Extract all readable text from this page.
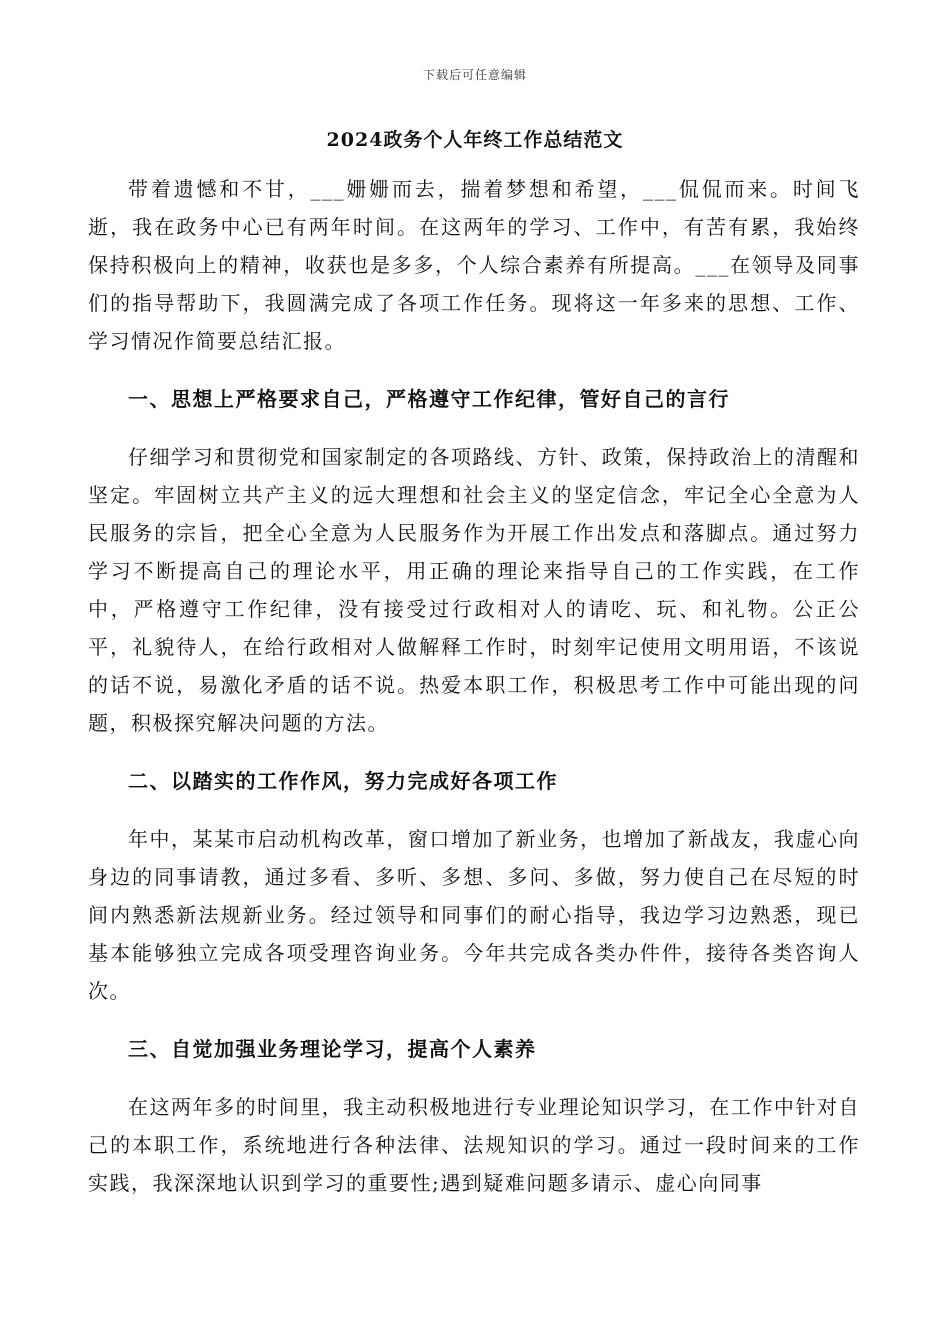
下载后可任意编辑
2024政务个人年终工作总结范文

带着遗憾和不甘，___姗姗而去，揣着梦想和希望，___侃侃而来。时间飞逝，我在政务中心已有两年时间。在这两年的学习、工作中，有苦有累，我始终保持积极向上的精神，收获也是多多，个人综合素养有所提高。___在领导及同事们的指导帮助下，我圆满完成了各项工作任务。现将这一年多来的思想、工作、学习情况作简要总结汇报。

一、思想上严格要求自己，严格遵守工作纪律，管好自己的言行

仔细学习和贯彻党和国家制定的各项路线、方针、政策，保持政治上的清醒和坚定。牢固树立共产主义的远大理想和社会主义的坚定信念，牢记全心全意为人民服务的宗旨，把全心全意为人民服务作为开展工作出发点和落脚点。通过努力学习不断提高自己的理论水平，用正确的理论来指导自己的工作实践，在工作中，严格遵守工作纪律，没有接受过行政相对人的请吃、玩、和礼物。公正公平，礼貌待人，在给行政相对人做解释工作时，时刻牢记使用文明用语，不该说的话不说，易激化矛盾的话不说。热爱本职工作，积极思考工作中可能出现的问题，积极探究解决问题的方法。

二、以踏实的工作作风，努力完成好各项工作

年中，某某市启动机构改革，窗口增加了新业务，也增加了新战友，我虚心向身边的同事请教，通过多看、多听、多想、多问、多做，努力使自己在尽短的时间内熟悉新法规新业务。经过领导和同事们的耐心指导，我边学习边熟悉，现已基本能够独立完成各项受理咨询业务。今年共完成各类办件件，接待各类咨询人次。

三、自觉加强业务理论学习，提高个人素养

在这两年多的时间里，我主动积极地进行专业理论知识学习，在工作中针对自己的本职工作，系统地进行各种法律、法规知识的学习。通过一段时间来的工作实践，我深深地认识到学习的重要性;遇到疑难问题多请示、虚心向同事
